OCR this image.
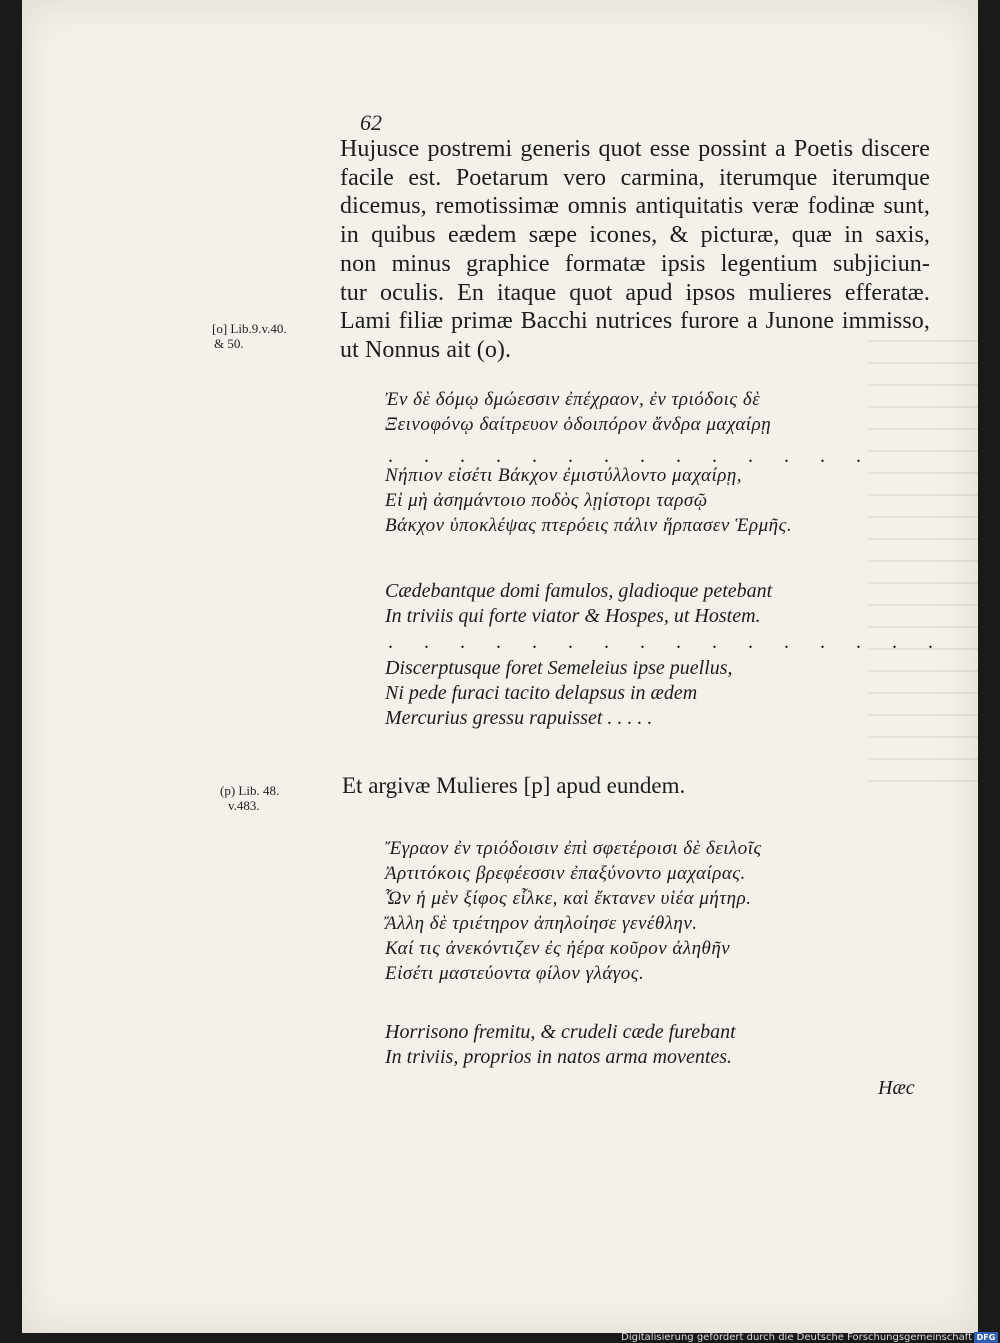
62
Hujusce postremi generis quot esse possint a Poetis discere
facile est. Poetarum vero carmina, iterumque iterumque
dicemus, remotissimæ omnis antiquitatis veræ fodinæ sunt,
in quibus eædem sæpe icones, & picturæ, quæ in saxis,
non minus graphice formatæ ipsis legentium subjiciun-
tur oculis. En itaque quot apud ipsos mulieres efferatæ.
Lami filiæ primæ Bacchi nutrices furore a Junone immisso,
ut Nonnus ait (o).
[o] Lib.9.v.40.
& 50.
Ἐν δὲ δόμῳ δμώεσσιν ἐπέχραον, ἐν τριόδοις δὲ
Ξεινοφόνῳ δαίτρευον ὁδοιπόρον ἄνδρα μαχαίρῃ
. . . . . . . . . . . . . .
Νήπιον εἰσέτι Βάκχον ἐμιστύλλοντο μαχαίρῃ,
Εἰ μὴ ἀσημάντοιο ποδὸς λῃίστορι ταρσῷ
Βάκχον ὑποκλέψας πτερόεις πάλιν ἥρπασεν Ἑρμῆς.
Cædebantque domi famulos, gladioque petebant
In triviis qui forte viator & Hospes, ut Hostem.
. . . . . . . . . . . . . . . .
Discerptusque foret Semeleius ipse puellus,
Ni pede furaci tacito delapsus in ædem
Mercurius gressu rapuisset . . . . .
(p) Lib. 48.
v.483.
Et argivæ Mulieres [p] apud eundem.
Ἔγραον ἐν τριόδοισιν ἐπὶ σφετέροισι δὲ δειλοῖς
Ἀρτιτόκοις βρεφέεσσιν ἐπαξύνοντο μαχαίρας.
Ὧν ἡ μὲν ξίφος εἷλκε, καὶ ἔκτανεν υἱέα μήτηρ.
Ἄλλη δὲ τριέτηρον ἀπηλοίησε γενέθλην.
Καί τις ἀνεκόντιζεν ἐς ἠέρα κοῦρον ἀληθῆν
Εἰσέτι μαστεύοντα φίλον γλάγος.
Horrisono fremitu, & crudeli cæde furebant
In triviis, proprios in natos arma moventes.
Hæc
Digitalisierung gefördert durch die Deutsche Forschungsgemeinschaft DFG
